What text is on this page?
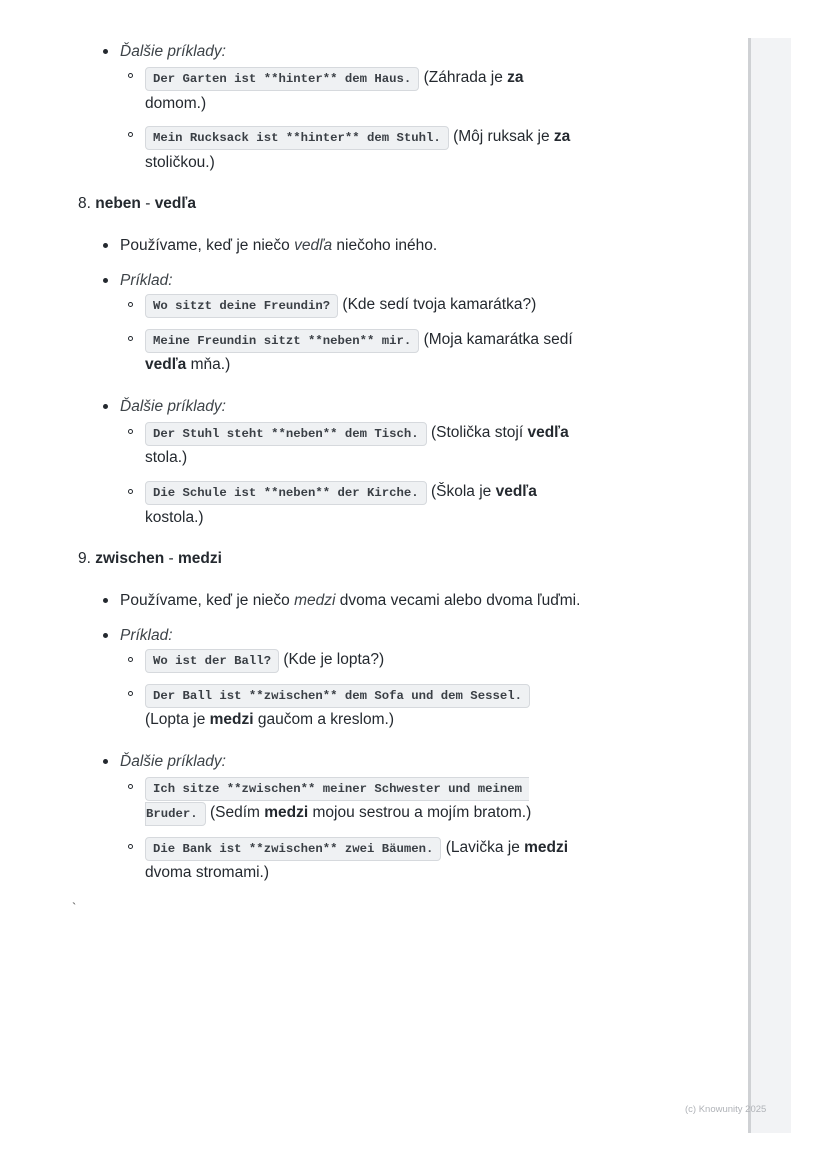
Ďalšie príklady:
Der Garten ist **hinter** dem Haus. (Záhrada je za
domom.)
Mein Rucksack ist **hinter** dem Stuhl. (Môj ruksak je za
stoličkou.)
8. neben - vedľa
Používame, keď je niečo vedľa niečoho iného.
Príklad:
Wo sitzt deine Freundin? (Kde sedí tvoja kamarátka?)
Meine Freundin sitzt **neben** mir. (Moja kamarátka sedí
vedľa mňa.)
Ďalšie príklady:
Der Stuhl steht **neben** dem Tisch. (Stolička stojí vedľa
stola.)
Die Schule ist **neben** der Kirche. (Škola je vedľa
kostola.)
9. zwischen - medzi
Používame, keď je niečo medzi dvoma vecami alebo dvoma ľuďmi.
Príklad:
Wo ist der Ball? (Kde je lopta?)
Der Ball ist **zwischen** dem Sofa und dem Sessel.
(Lopta je medzi gaučom a kreslom.)
Ďalšie príklady:
Ich sitze **zwischen** meiner Schwester und meinem
Bruder. (Sedím medzi mojou sestrou a mojím bratom.)
Die Bank ist **zwischen** zwei Bäumen. (Lavička je medzi
dvoma stromami.)
`
(c) Knowunity 2025
